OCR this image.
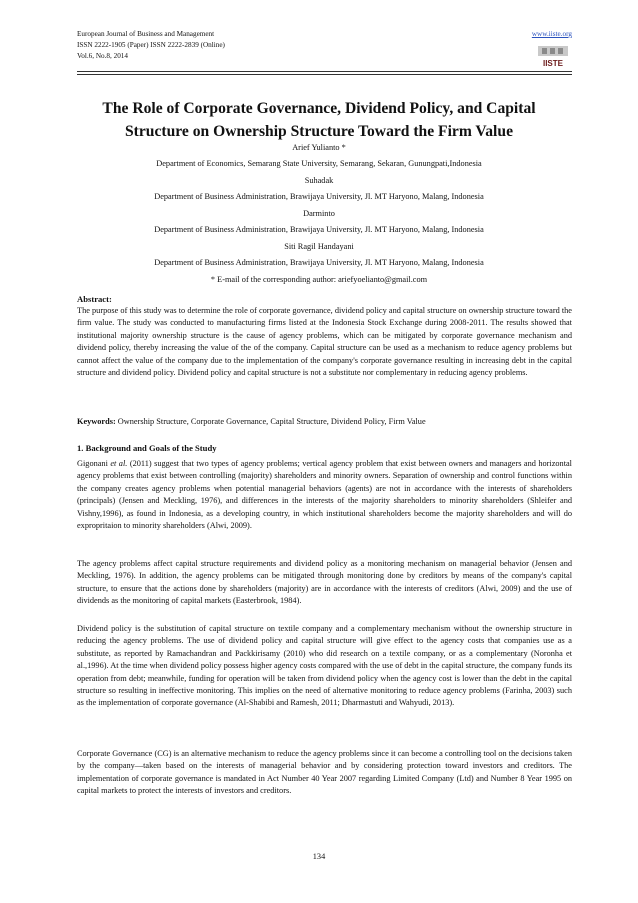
European Journal of Business and Management
ISSN 2222-1905 (Paper) ISSN 2222-2839 (Online)
Vol.6, No.8, 2014
www.iiste.org
IISTE
The Role of Corporate Governance, Dividend Policy, and Capital
Structure on Ownership Structure Toward the Firm Value
Arief Yulianto *
Department of Economics, Semarang State University, Semarang, Sekaran, Gunungpati,Indonesia
Suhadak
Department of Business Administration, Brawijaya University, Jl. MT Haryono, Malang, Indonesia
Darminto
Department of Business Administration, Brawijaya University, Jl. MT Haryono, Malang, Indonesia
Siti Ragil Handayani
Department of Business Administration, Brawijaya University, Jl. MT Haryono, Malang, Indonesia
* E-mail of the corresponding author: ariefyoelianto@gmail.com
Abstract:
The purpose of this study was to determine the role of corporate governance, dividend policy and capital structure on ownership structure toward the firm value. The study was conducted to manufacturing firms listed at the Indonesia Stock Exchange during 2008-2011. The results showed that institutional majority ownership structure is the cause of agency problems, which can be mitigated by corporate governance mechanism and dividend policy, thereby increasing the value of the of the company. Capital structure can be used as a mechanism to reduce agency problems but cannot affect the value of the company due to the implementation of the company's corporate governance resulting in increasing debt in the capital structure and dividend policy. Dividend policy and capital structure is not a substitute nor complementary in reducing agency problems.
Keywords: Ownership Structure, Corporate Governance, Capital Structure, Dividend Policy, Firm Value
1. Background and Goals of the Study
Gigonani et al. (2011) suggest that two types of agency problems; vertical agency problem that exist between owners and managers and horizontal agency problems that exist between controlling (majority) shareholders and minority owners. Separation of ownership and control functions within the company creates agency problems when potential managerial behaviors (agents) are not in accordance with the interests of shareholders (principals) (Jensen and Meckling, 1976), and differences in the interests of the majority shareholders to minority shareholders (Shleifer and Vishny,1996), as found in Indonesia, as a developing country, in which institutional shareholders become the majority shareholders and will do expropritaion to minority shareholders (Alwi, 2009).
The agency problems affect capital structure requirements and dividend policy as a monitoring mechanism on managerial behavior (Jensen and Meckling, 1976). In addition, the agency problems can be mitigated through monitoring done by creditors by means of the company's capital structure, to ensure that the actions done by shareholders (majority) are in accordance with the interests of creditors (Alwi, 2009) and the use of dividends as the monitoring of capital markets (Easterbrook, 1984).
Dividend policy is the substitution of capital structure on textile company and a complementary mechanism without the ownership structure in reducing the agency problems. The use of dividend policy and capital structure will give effect to the agency costs that companies use as a substitute, as reported by Ramachandran and Packkirisamy (2010) who did research on a textile company, or as a complementary (Noronha et al.,1996). At the time when dividend policy possess higher agency costs compared with the use of debt in the capital structure, the company funds its operation from debt; meanwhile, funding for operation will be taken from dividend policy when the agency cost is lower than the debt in the capital structure so resulting in ineffective monitoring. This implies on the need of alternative monitoring to reduce agency problems (Farinha, 2003) such as the implementation of corporate governance (Al-Shabibi and Ramesh, 2011; Dharmastuti and Wahyudi, 2013).
Corporate Governance (CG) is an alternative mechanism to reduce the agency problems since it can become a controlling tool on the decisions taken by the company—taken based on the interests of managerial behavior and by considering protection toward investors and creditors. The implementation of corporate governance is mandated in Act Number 40 Year 2007 regarding Limited Company (Ltd) and Number 8 Year 1995 on capital markets to protect the interests of investors and creditors.
134
